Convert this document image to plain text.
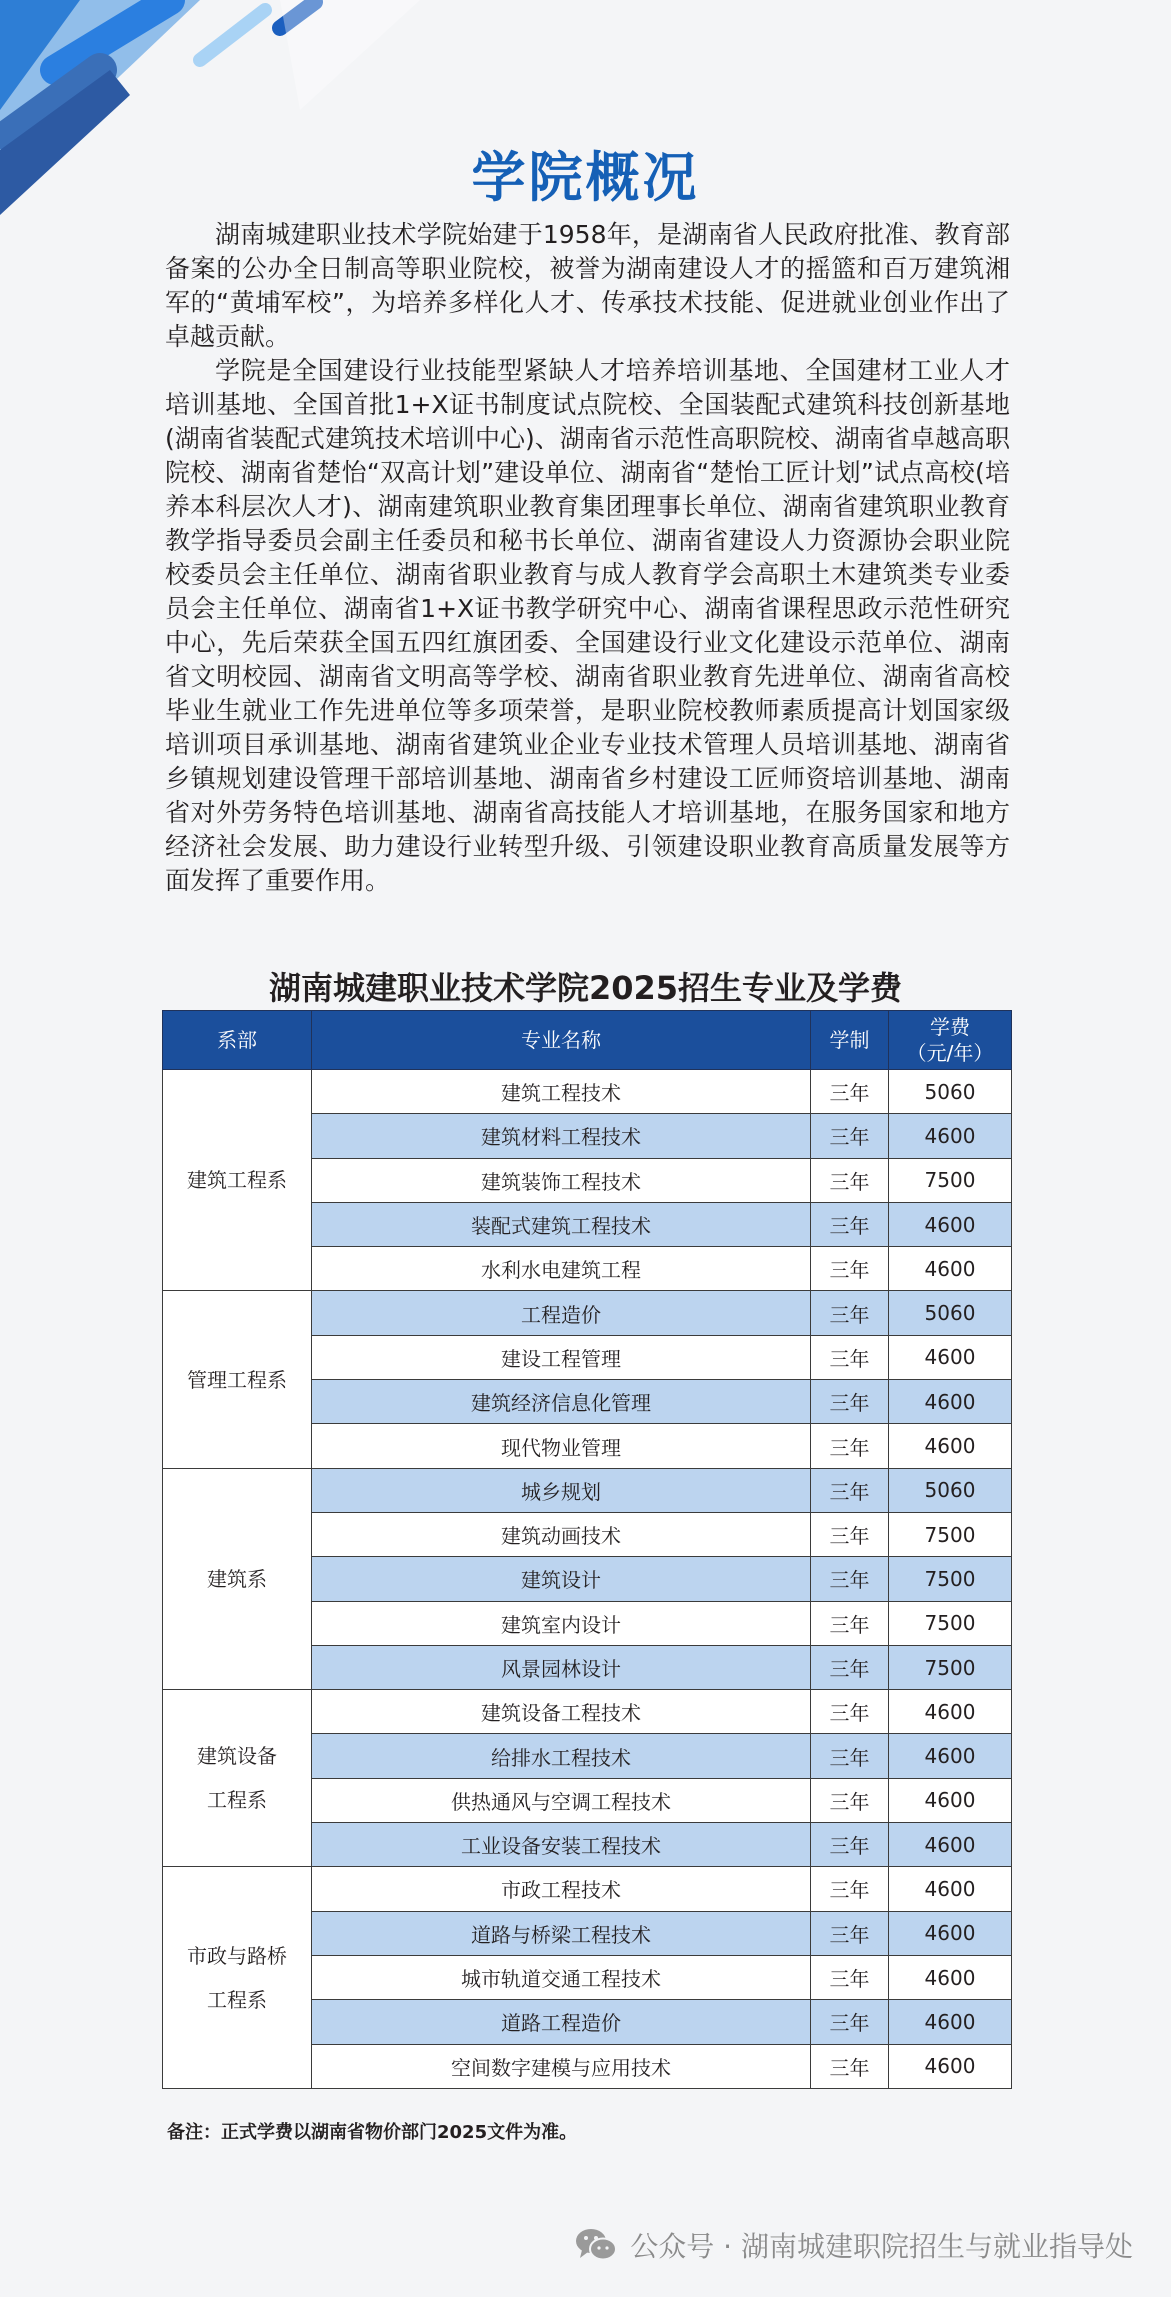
学院概况

湖南城建职业技术学院始建于1958年，是湖南省人民政府批准、教育部备案的公办全日制高等职业院校，被誉为湖南建设人才的摇篮和百万建筑湘军的“黄埔军校”，为培养多样化人才、传承技术技能、促进就业创业作出了卓越贡献。

学院是全国建设行业技能型紧缺人才培养培训基地、全国建材工业人才培训基地、全国首批1+X证书制度试点院校、全国装配式建筑科技创新基地(湖南省装配式建筑技术培训中心)、湖南省示范性高职院校、湖南省卓越高职院校、湖南省楚怡“双高计划”建设单位、湖南省“楚怡工匠计划”试点高校(培养本科层次人才)、湖南建筑职业教育集团理事长单位、湖南省建筑职业教育教学指导委员会副主任委员和秘书长单位、湖南省建设人力资源协会职业院校委员会主任单位、湖南省职业教育与成人教育学会高职土木建筑类专业委员会主任单位、湖南省1+X证书教学研究中心、湖南省课程思政示范性研究中心，先后荣获全国五四红旗团委、全国建设行业文化建设示范单位、湖南省文明校园、湖南省文明高等学校、湖南省职业教育先进单位、湖南省高校毕业生就业工作先进单位等多项荣誉，是职业院校教师素质提高计划国家级培训项目承训基地、湖南省建筑业企业专业技术管理人员培训基地、湖南省乡镇规划建设管理干部培训基地、湖南省乡村建设工匠师资培训基地、湖南省对外劳务特色培训基地、湖南省高技能人才培训基地，在服务国家和地方经济社会发展、助力建设行业转型升级、引领建设职业教育高质量发展等方面发挥了重要作用。

湖南城建职业技术学院2025招生专业及学费
系部	专业名称	学制	学费
（元/年）

建筑工程系	建筑工程技术	三年	5060
	建筑材料工程技术	三年	4600
	建筑装饰工程技术	三年	7500
	装配式建筑工程技术	三年	4600
	水利水电建筑工程	三年	4600

管理工程系	工程造价	三年	5060
	建设工程管理	三年	4600
	建筑经济信息化管理	三年	4600
	现代物业管理	三年	4600

建筑系	城乡规划	三年	5060
	建筑动画技术	三年	7500
	建筑设计	三年	7500
	建筑室内设计	三年	7500
	风景园林设计	三年	7500

建筑设备
工程系	建筑设备工程技术	三年	4600
	给排水工程技术	三年	4600
	供热通风与空调工程技术	三年	4600
	工业设备安装工程技术	三年	4600

市政与路桥
工程系	市政工程技术	三年	4600
	道路与桥梁工程技术	三年	4600
	城市轨道交通工程技术	三年	4600
	道路工程造价	三年	4600
	空间数字建模与应用技术	三年	4600
备注：正式学费以湖南省物价部门2025文件为准。
公众号 · 湖南城建职院招生与就业指导处
